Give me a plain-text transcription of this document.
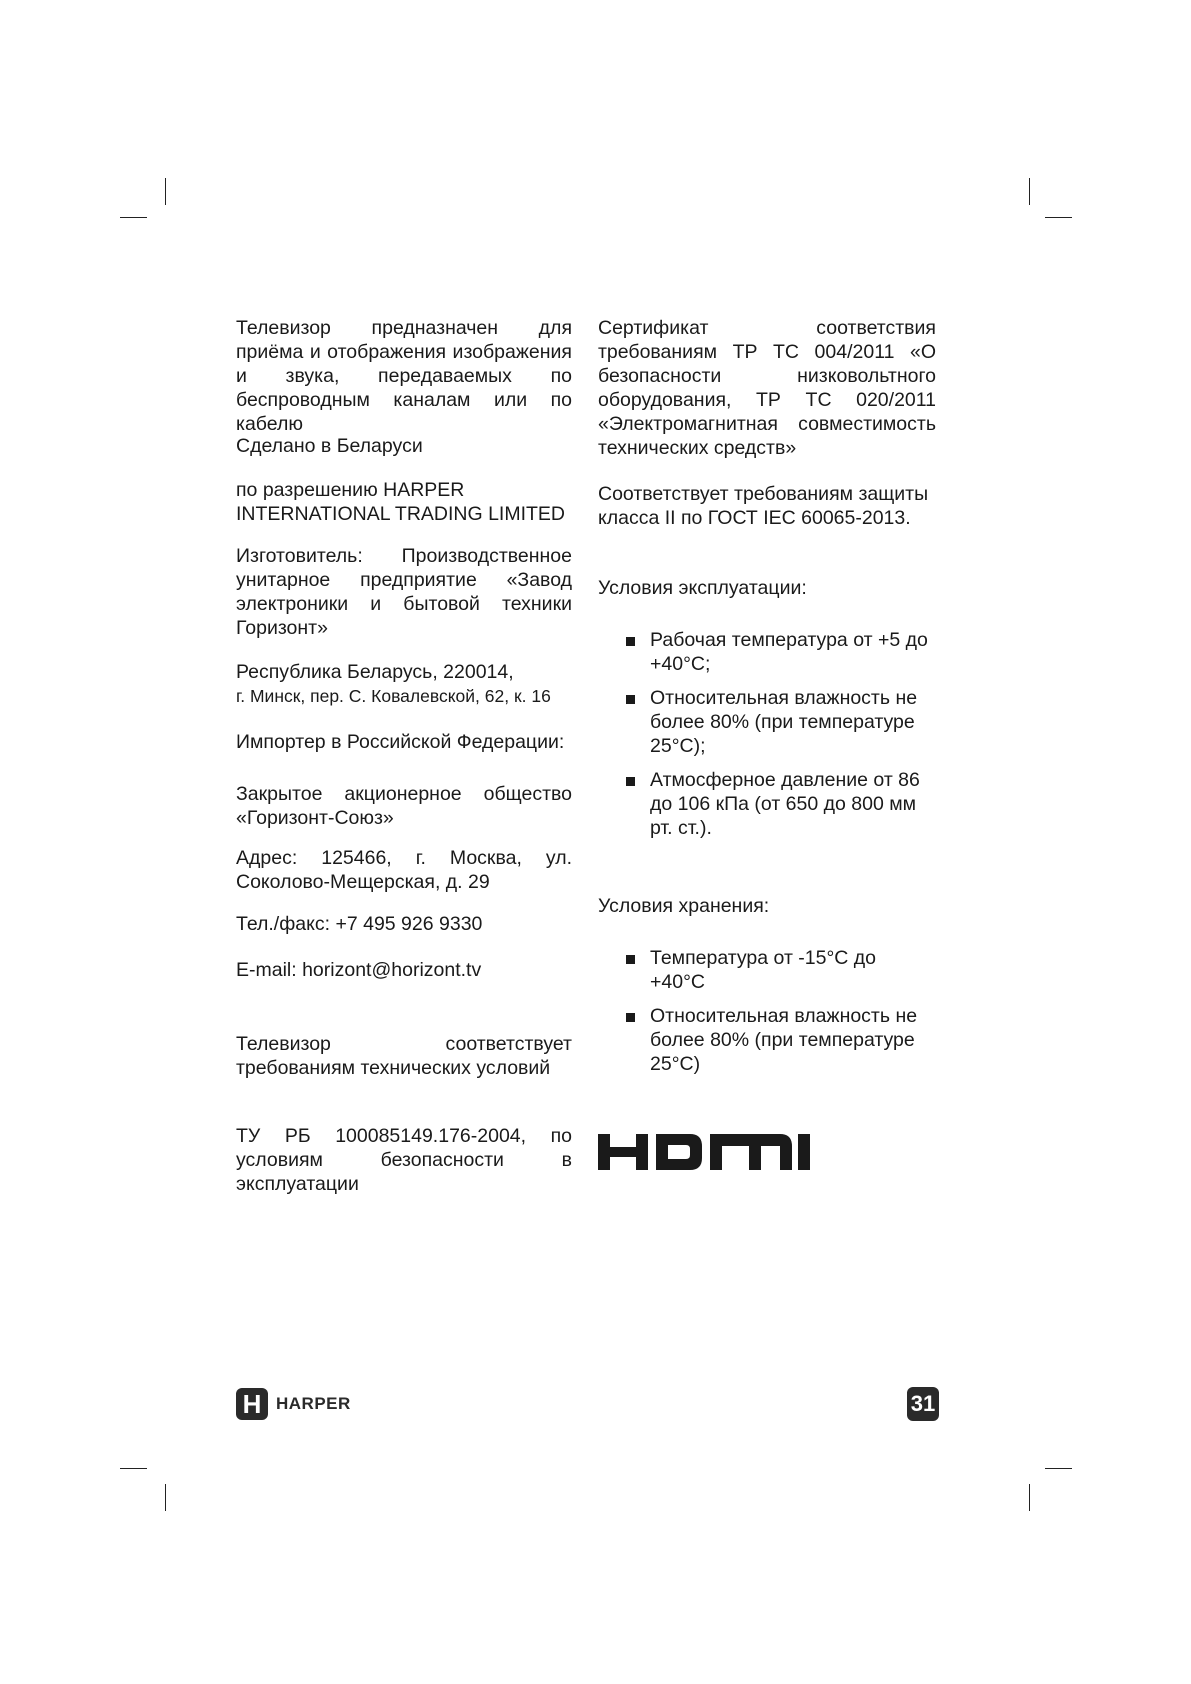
Телевизор предназначен для приёма и отображения изображения и звука, передаваемых по беспроводным каналам или по кабелю

Сделано в Беларуси

по разрешению HARPER

INTERNATIONAL TRADING LIMITED

Изготовитель: Производственное унитарное предприятие «Завод электроники и бытовой техники Горизонт»

Республика Беларусь, 220014,

г. Минск, пер. С. Ковалевской, 62, к. 16

Импортер в Российской Федерации:

Закрытое акционерное общество «Горизонт-Союз»

Адрес: 125466, г. Москва, ул. Соколово-Мещерская, д. 29

Тел./факс: +7 495 926 9330

E-mail: horizont@horizont.tv

Телевизор соответствует требованиям технических условий

ТУ РБ 100085149.176-2004, по условиям безопасности в эксплуатации

Сертификат соответствия требованиям ТР ТС 004/2011 «О безопасности низковольтного оборудования, ТР ТС 020/2011 «Электромагнитная совместимость технических средств»

Соответствует требованиям защиты класса II по ГОСТ IEC 60065-2013.

Условия эксплуатации:

Рабочая температура от +5 до +40°C;
Относительная влажность не более 80% (при температуре 25°C);
Атмосферное давление от 86 до 106 кПа (от 650 до 800 мм рт. ст.).

Условия хранения:

Температура от -15°C до +40°C
Относительная влажность не более 80% (при температуре 25°C)
H HARPER	31
